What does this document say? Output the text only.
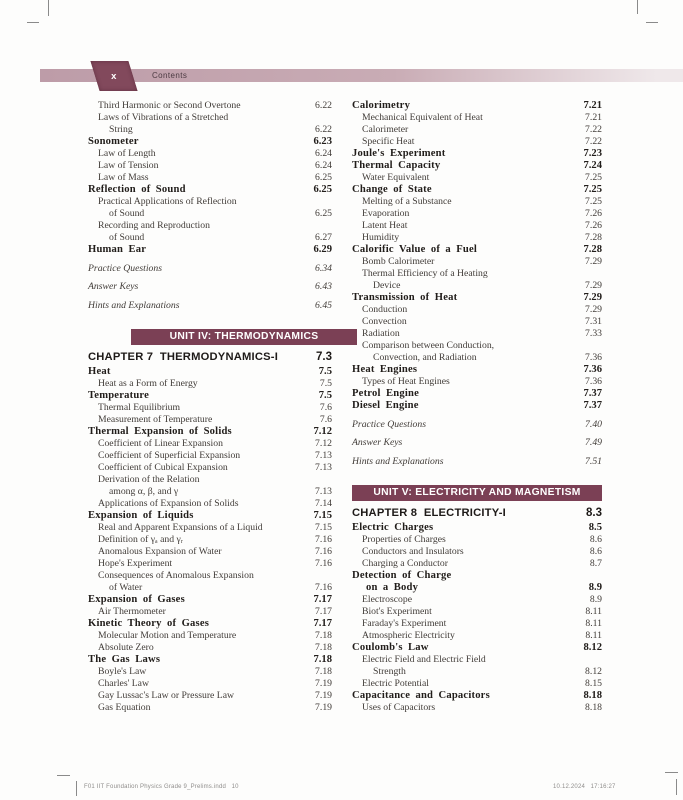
x	Contents
Third Harmonic or Second Overtone	6.22
Laws of Vibrations of a Stretched
String	6.22
Sonometer	6.23
Law of Length	6.24
Law of Tension	6.24
Law of Mass	6.25
Reflection of Sound	6.25
Practical Applications of Reflection
of Sound	6.25
Recording and Reproduction
of Sound	6.27
Human Ear	6.29
Practice Questions	6.34
Answer Keys	6.43
Hints and Explanations	6.45
UNIT IV: THERMODYNAMICS
CHAPTER 7  THERMODYNAMICS-I	7.3
Heat	7.5
Heat as a Form of Energy	7.5
Temperature	7.5
Thermal Equilibrium	7.6
Measurement of Temperature	7.6
Thermal Expansion of Solids	7.12
Coefficient of Linear Expansion	7.12
Coefficient of Superficial Expansion	7.13
Coefficient of Cubical Expansion	7.13
Derivation of the Relation
among α, β, and γ	7.13
Applications of Expansion of Solids	7.14
Expansion of Liquids	7.15
Real and Apparent Expansions of a Liquid	7.15
Definition of γₐ and γᵣ	7.16
Anomalous Expansion of Water	7.16
Hope's Experiment	7.16
Consequences of Anomalous Expansion
of Water	7.16
Expansion of Gases	7.17
Air Thermometer	7.17
Kinetic Theory of Gases	7.17
Molecular Motion and Temperature	7.18
Absolute Zero	7.18
The Gas Laws	7.18
Boyle's Law	7.18
Charles' Law	7.19
Gay Lussac's Law or Pressure Law	7.19
Gas Equation	7.19
Calorimetry	7.21
Mechanical Equivalent of Heat	7.21
Calorimeter	7.22
Specific Heat	7.22
Joule's Experiment	7.23
Thermal Capacity	7.24
Water Equivalent	7.25
Change of State	7.25
Melting of a Substance	7.25
Evaporation	7.26
Latent Heat	7.26
Humidity	7.28
Calorific Value of a Fuel	7.28
Bomb Calorimeter	7.29
Thermal Efficiency of a Heating
Device	7.29
Transmission of Heat	7.29
Conduction	7.29
Convection	7.31
Radiation	7.33
Comparison between Conduction,
Convection, and Radiation	7.36
Heat Engines	7.36
Types of Heat Engines	7.36
Petrol Engine	7.37
Diesel Engine	7.37
Practice Questions	7.40
Answer Keys	7.49
Hints and Explanations	7.51
UNIT V: ELECTRICITY AND MAGNETISM
CHAPTER 8  ELECTRICITY-I	8.3
Electric Charges	8.5
Properties of Charges	8.6
Conductors and Insulators	8.6
Charging a Conductor	8.7
Detection of Charge
on a Body	8.9
Electroscope	8.9
Biot's Experiment	8.11
Faraday's Experiment	8.11
Atmospheric Electricity	8.11
Coulomb's Law	8.12
Electric Field and Electric Field
Strength	8.12
Electric Potential	8.15
Capacitance and Capacitors	8.18
Uses of Capacitors	8.18
F01 IIT Foundation Physics Grade 9_Prelims.indd   10	10.12.2024   17:16:27
